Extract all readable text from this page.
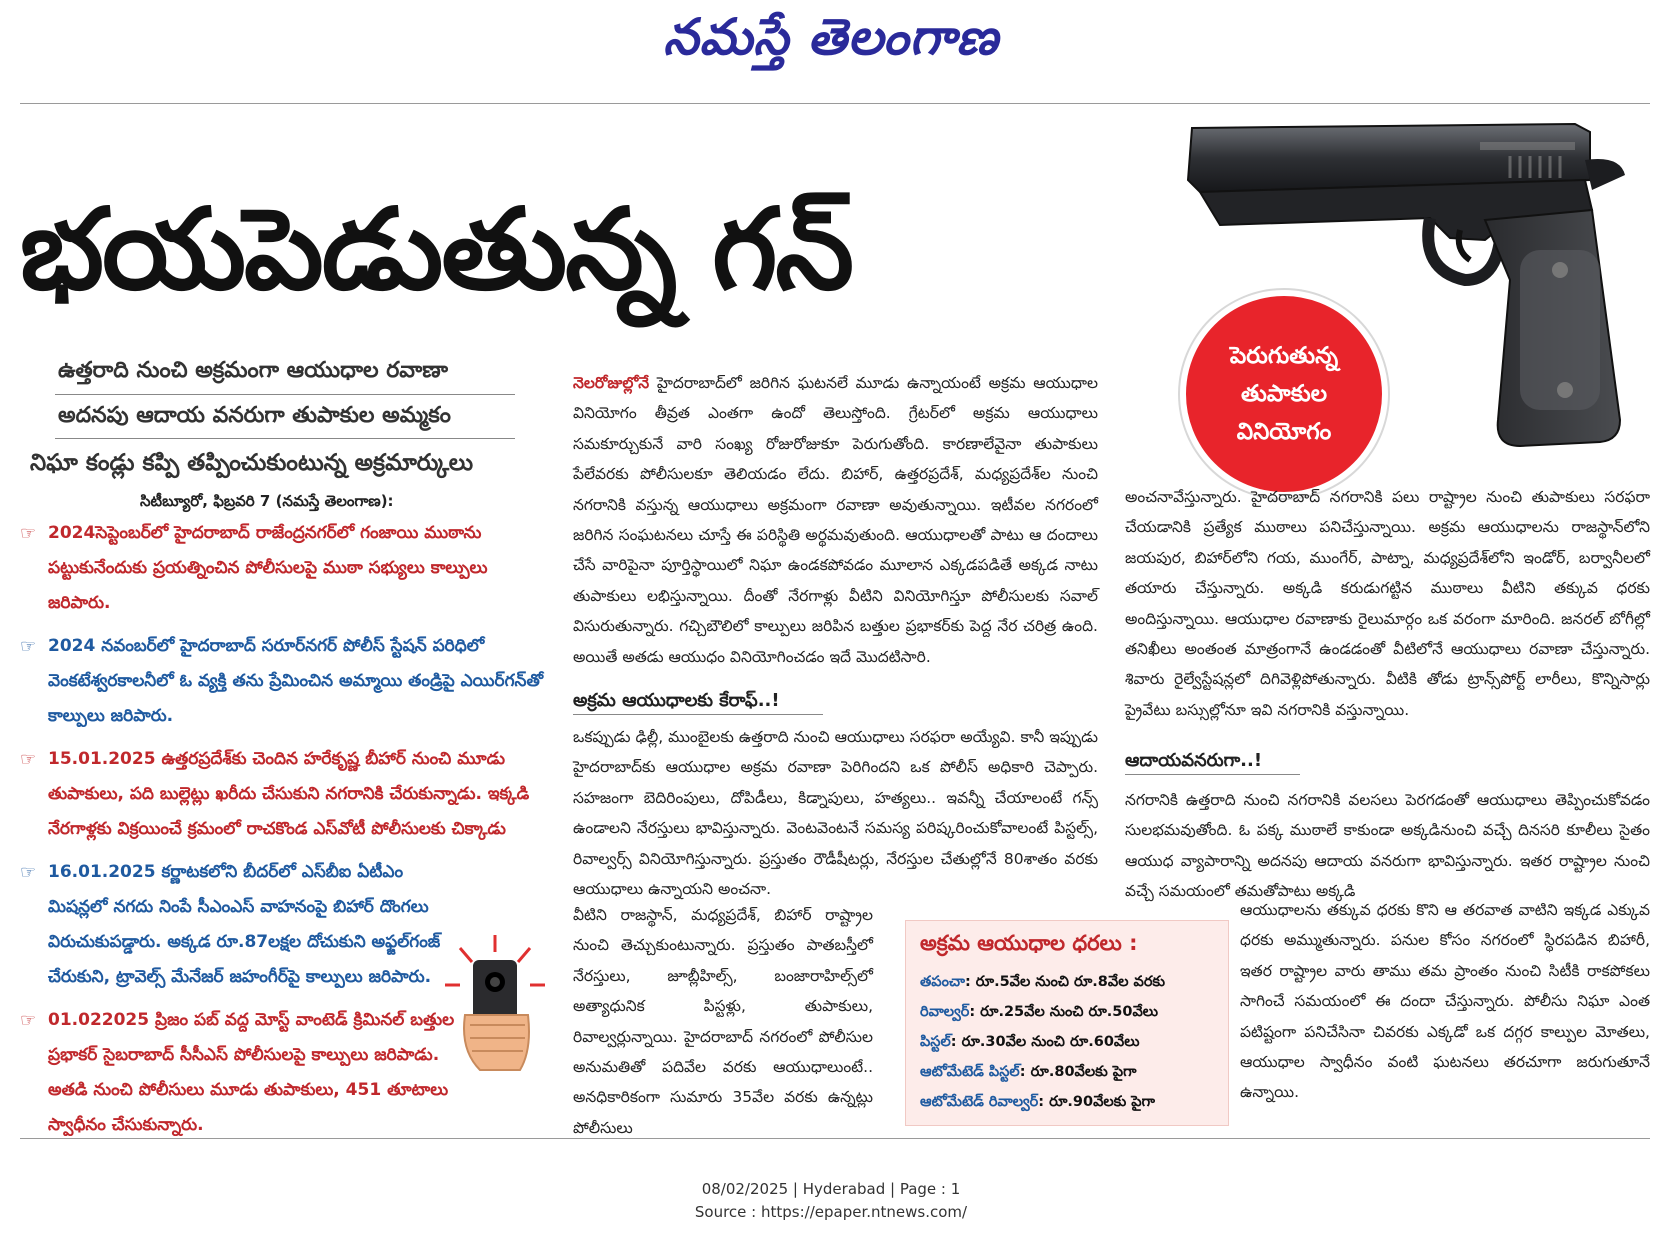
నమస్తే తెలంగాణ
భయపెడుతున్న గన్
పెరుగుతున్న
తుపాకుల
వినియోగం
ఉత్తరాది నుంచి అక్రమంగా ఆయుధాల రవాణా
అదనపు ఆదాయ వనరుగా తుపాకుల అమ్మకం
నిఘా కండ్లు కప్పి తప్పించుకుంటున్న అక్రమార్కులు
సిటీబ్యూరో, ఫిబ్రవరి 7 (నమస్తే తెలంగాణ):
☞ 2024సెప్టెంబర్‌లో హైదరాబాద్ రాజేంద్రనగర్‌లో గంజాయి ముఠాను పట్టుకునేందుకు ప్రయత్నించిన పోలీసులపై ముఠా సభ్యులు కాల్పులు జరిపారు.
☞ 2024 నవంబర్‌లో హైదరాబాద్ సరూర్‌నగర్ పోలీస్ స్టేషన్ పరిధిలో వెంకటేశ్వరకాలనీలో ఓ వ్యక్తి తను ప్రేమించిన అమ్మాయి తండ్రిపై ఎయిర్‌గన్‌తో కాల్పులు జరిపారు.
☞ 15.01.2025 ఉత్తరప్రదేశ్‌కు చెందిన హరేకృష్ణ బీహార్ నుంచి మూడు తుపాకులు, పది బుల్లెట్లు ఖరీదు చేసుకుని నగరానికి చేరుకున్నాడు. ఇక్కడి నేరగాళ్లకు విక్రయించే క్రమంలో రాచకొండ ఎస్‌వోటీ పోలీసులకు చిక్కాడు
☞ 16.01.2025 కర్ణాటకలోని బీదర్‌లో ఎస్‌బీఐ ఏటీఎం మిషన్లలో నగదు నింపే సీఎంఎస్ వాహనంపై బిహార్ దొంగలు విరుచుకుపడ్డారు. అక్కడ రూ.87లక్షల దోచుకుని అఫ్జల్‌గంజ్ చేరుకుని, ట్రావెల్స్ మేనేజర్ జహంగీర్‌పై కాల్పులు జరిపారు.
☞ 01.022025 ప్రిజం పబ్ వద్ద మోస్ట్ వాంటెడ్ క్రిమినల్ బత్తుల ప్రభాకర్ సైబరాబాద్ సీసీఎస్ పోలీసులపై కాల్పులు జరిపాడు. అతడి నుంచి పోలీసులు మూడు తుపాకులు, 451 తూటాలు స్వాధీనం చేసుకున్నారు.
నెలరోజుల్లోనే హైదరాబాద్‌లో జరిగిన ఘటనలే మూడు ఉన్నాయంటే అక్రమ ఆయుధాల వినియోగం తీవ్రత ఎంతగా ఉందో తెలుస్తోంది. గ్రేటర్‌లో అక్రమ ఆయుధాలు సమకూర్చుకునే వారి సంఖ్య రోజురోజుకూ పెరుగుతోంది. కారణాలేవైనా తుపాకులు పేలేవరకు పోలీసులకూ తెలియడం లేదు. బిహార్, ఉత్తరప్రదేశ్, మధ్యప్రదేశ్‌ల నుంచి నగరానికి వస్తున్న ఆయుధాలు అక్రమంగా రవాణా అవుతున్నాయి. ఇటీవల నగరంలో జరిగిన సంఘటనలు చూస్తే ఈ పరిస్థితి అర్థమవుతుంది. ఆయుధాలతో పాటు ఆ దందాలు చేసే వారిపైనా పూర్తిస్థాయిలో నిఘా ఉండకపోవడం మూలాన ఎక్కడపడితే అక్కడ నాటు తుపాకులు లభిస్తున్నాయి. దీంతో నేరగాళ్లు వీటిని వినియోగిస్తూ పోలీసులకు సవాల్ విసురుతున్నారు. గచ్చిబౌలిలో కాల్పులు జరిపిన బత్తుల ప్రభాకర్‌కు పెద్ద నేర చరిత్ర ఉంది. అయితే అతడు ఆయుధం వినియోగించడం ఇదే మొదటిసారి.
అక్రమ ఆయుధాలకు కేరాఫ్..!
ఒకప్పుడు ఢిల్లీ, ముంబైలకు ఉత్తరాది నుంచి ఆయుధాలు సరఫరా అయ్యేవి. కానీ ఇప్పుడు హైదరాబాద్‌కు ఆయుధాల అక్రమ రవాణా పెరిగిందని ఒక పోలీస్ అధికారి చెప్పారు. సహజంగా బెదిరింపులు, దోపిడీలు, కిడ్నాపులు, హత్యలు.. ఇవన్నీ చేయాలంటే గన్స్ ఉండాలని నేరస్తులు భావిస్తున్నారు. వెంటవెంటనే సమస్య పరిష్కరించుకోవాలంటే పిస్టల్స్, రివాల్వర్స్ వినియోగిస్తున్నారు. ప్రస్తుతం రౌడీషీటర్లు, నేరస్తుల చేతుల్లోనే 80శాతం వరకు ఆయుధాలు ఉన్నాయని అంచనా.
వీటిని రాజస్థాన్, మధ్యప్రదేశ్, బిహార్ రాష్ట్రాల నుంచి తెచ్చుకుంటున్నారు. ప్రస్తుతం పాతబస్తీలో నేరస్తులు, జూబ్లీహిల్స్, బంజారాహిల్స్‌లో అత్యాధునిక పిస్టళ్లు, తుపాకులు, రివాల్వర్లున్నాయి. హైదరాబాద్ నగరంలో పోలీసుల అనుమతితో పదివేల వరకు ఆయుధాలుంటే.. అనధికారికంగా సుమారు 35వేల వరకు ఉన్నట్లు పోలీసులు
అక్రమ ఆయుధాల ధరలు :
తపంచా: రూ.5వేల నుంచి రూ.8వేల వరకు
రివాల్వర్: రూ.25వేల నుంచి రూ.50వేలు
పిస్టల్: రూ.30వేల నుంచి రూ.60వేలు
ఆటోమేటెడ్ పిస్టల్: రూ.80వేలకు పైగా
ఆటోమేటెడ్ రివాల్వర్: రూ.90వేలకు పైగా
అంచనావేస్తున్నారు. హైదరాబాద్ నగరానికి పలు రాష్ట్రాల నుంచి తుపాకులు సరఫరా చేయడానికి ప్రత్యేక ముఠాలు పనిచేస్తున్నాయి. అక్రమ ఆయుధాలను రాజస్థాన్‌లోని జయపుర, బిహార్‌లోని గయ, ముంగేర్, పాట్నా, మధ్యప్రదేశ్‌లోని ఇండోర్, బర్వానీలలో తయారు చేస్తున్నారు. అక్కడి కరుడుగట్టిన ముఠాలు వీటిని తక్కువ ధరకు అందిస్తున్నాయి. ఆయుధాల రవాణాకు రైలుమార్గం ఒక వరంగా మారింది. జనరల్ బోగీల్లో తనిఖీలు అంతంత మాత్రంగానే ఉండడంతో వీటిలోనే ఆయుధాలు రవాణా చేస్తున్నారు. శివారు రైల్వేస్టేషన్లలో దిగివెళ్లిపోతున్నారు. వీటికి తోడు ట్రాన్స్‌పోర్ట్ లారీలు, కొన్నిసార్లు ప్రైవేటు బస్సుల్లోనూ ఇవి నగరానికి వస్తున్నాయి.
ఆదాయవనరుగా..!
నగరానికి ఉత్తరాది నుంచి నగరానికి వలసలు పెరగడంతో ఆయుధాలు తెప్పించుకోవడం సులభమవుతోంది. ఓ పక్క ముఠాలే కాకుండా అక్కడినుంచి వచ్చే దినసరి కూలీలు సైతం ఆయుధ వ్యాపారాన్ని అదనపు ఆదాయ వనరుగా భావిస్తున్నారు. ఇతర రాష్ట్రాల నుంచి వచ్చే సమయంలో తమతోపాటు అక్కడి
ఆయుధాలను తక్కువ ధరకు కొని ఆ తరవాత వాటిని ఇక్కడ ఎక్కువ ధరకు అమ్ముతున్నారు. పనుల కోసం నగరంలో స్థిరపడిన బిహారీ, ఇతర రాష్ట్రాల వారు తాము తమ ప్రాంతం నుంచి సిటీకి రాకపోకలు సాగించే సమయంలో ఈ దందా చేస్తున్నారు. పోలీసు నిఘా ఎంత పటిష్టంగా పనిచేసినా చివరకు ఎక్కడో ఒక దగ్గర కాల్పుల మోతలు, ఆయుధాల స్వాధీనం వంటి ఘటనలు తరచూగా జరుగుతూనే ఉన్నాయి.
08/02/2025 | Hyderabad | Page : 1
Source : https://epaper.ntnews.com/
